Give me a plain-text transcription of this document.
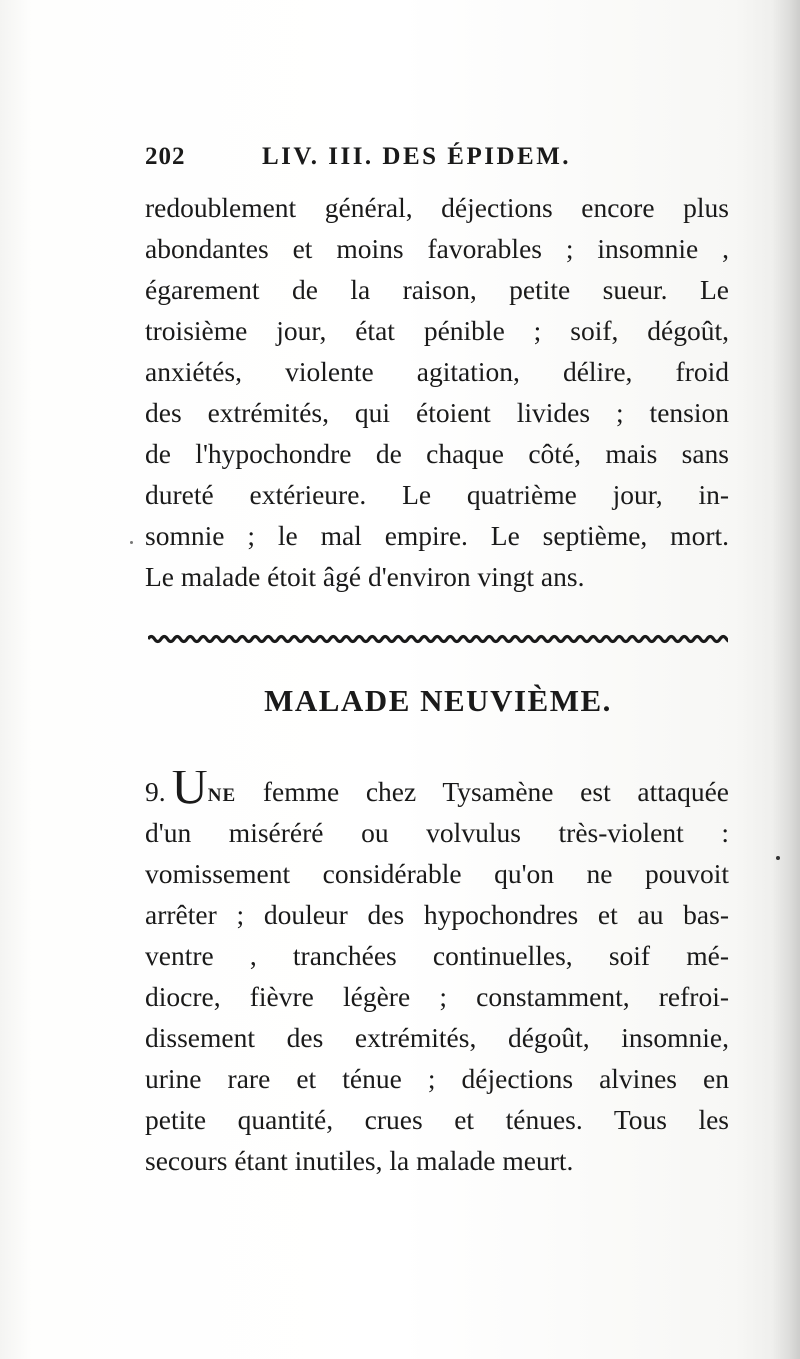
202	LIV. III. DES ÉPIDEM.
redoublement général, déjections encore plus
abondantes et moins favorables ; insomnie ,
égarement de la raison, petite sueur. Le
troisième jour, état pénible ; soif, dégoût,
anxiétés, violente agitation, délire, froid
des extrémités, qui étoient livides ; tension
de l'hypochondre de chaque côté, mais sans
dureté extérieure. Le quatrième jour, in-
somnie ; le mal empire. Le septième, mort.
Le malade étoit âgé d'environ vingt ans.
MALADE NEUVIÈME.
9. UNE femme chez Tysamène est attaquée
d'un miséréré ou volvulus très-violent :
vomissement considérable qu'on ne pouvoit
arrêter ; douleur des hypochondres et au bas-
ventre , tranchées continuelles, soif mé-
diocre, fièvre légère ; constamment, refroi-
dissement des extrémités, dégoût, insomnie,
urine rare et ténue ; déjections alvines en
petite quantité, crues et ténues. Tous les
secours étant inutiles, la malade meurt.
